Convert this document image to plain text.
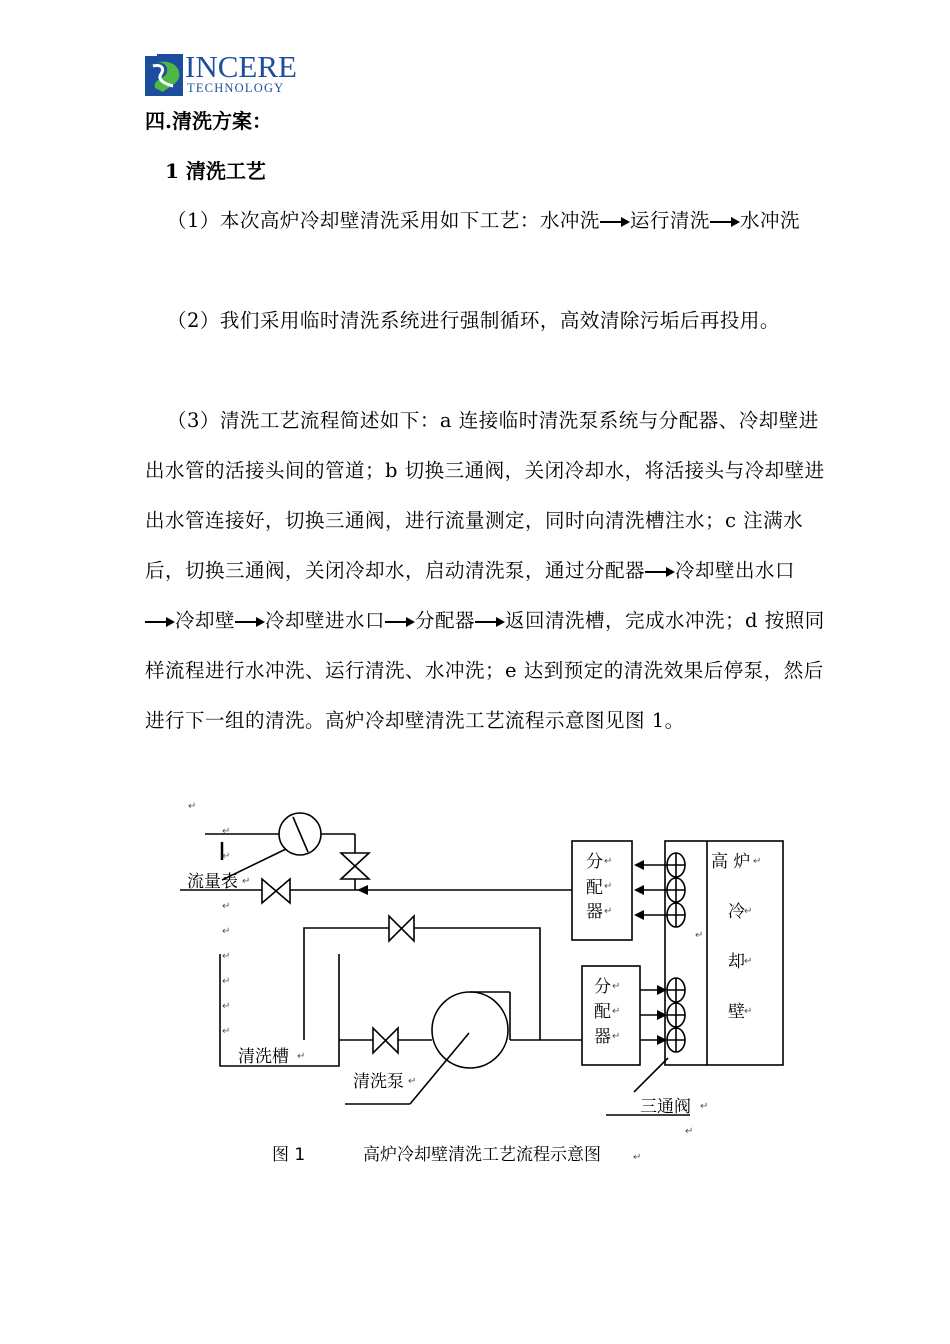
INCERE
TECHNOLOGY
四.清洗方案：
1 清洗工艺
（1）本次高炉冷却壁清洗采用如下工艺：水冲洗 运行清洗 水冲洗
（2）我们采用临时清洗系统进行强制循环，高效清除污垢后再投用。
（3）清洗工艺流程简述如下：a 连接临时清洗泵系统与分配器、冷却壁进出水管的活接头间的管道；b 切换三通阀，关闭冷却水，将活接头与冷却壁进出水管连接好，切换三通阀，进行流量测定，同时向清洗槽注水；c 注满水后，切换三通阀，关闭冷却水，启动清洗泵，通过分配器 冷却壁出水口冷却壁 冷却壁进水口 分配器 返回清洗槽，完成水冲洗；d 按照同样流程进行水冲洗、运行清洗、水冲洗；e 达到预定的清洗效果后停泵，然后进行下一组的清洗。高炉冷却壁清洗工艺流程示意图见图 1。
流量表
清洗槽
清洗泵
三通阀
分
配
器
分
配
器
高 炉
冷
却
壁
↵
↵
↵
↵
↵
↵
↵
↵
↵
↵
↵
↵
↵
↵
↵
↵
↵
↵
↵
↵
↵
↵
↵
↵
↵
↵
图 1	高炉冷却壁清洗工艺流程示意图
